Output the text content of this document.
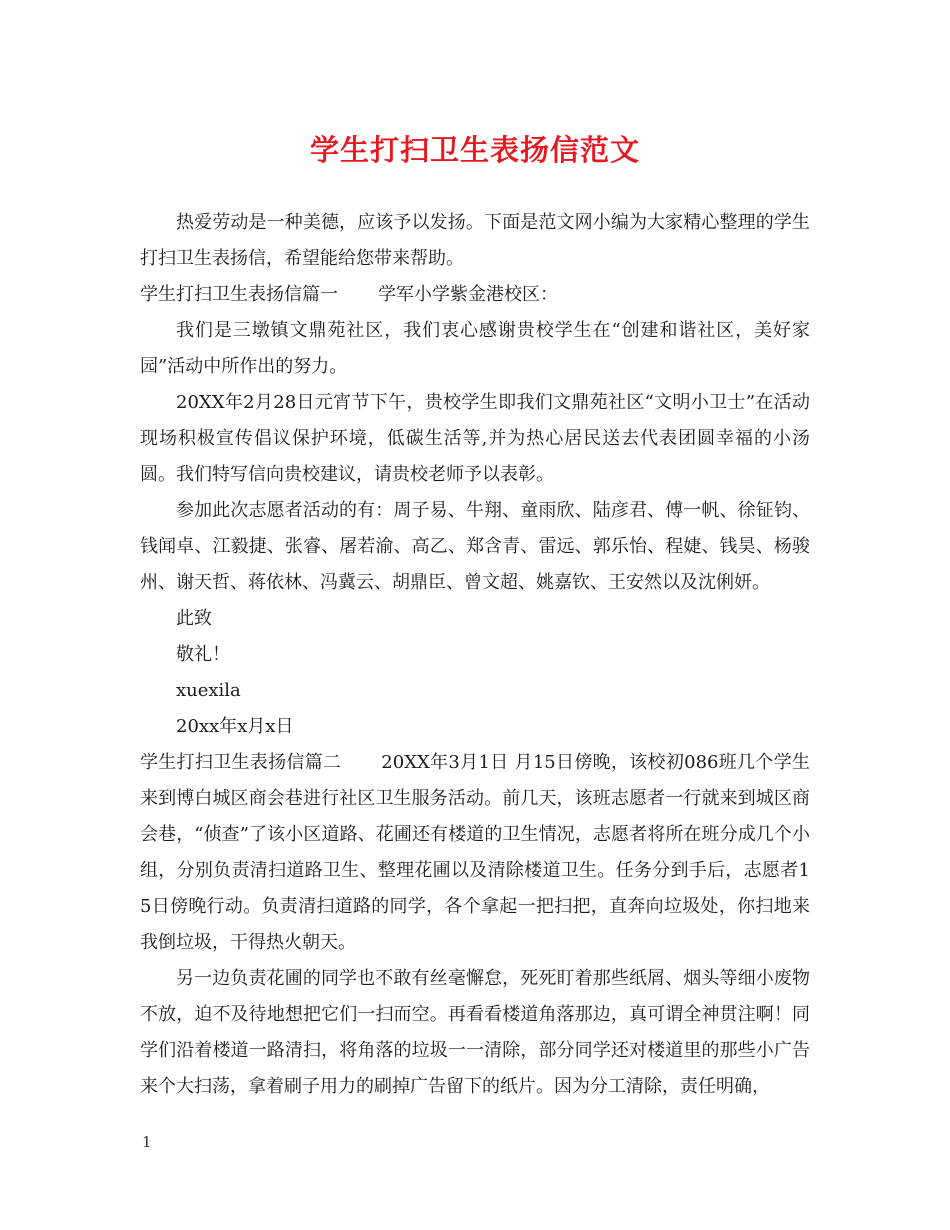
学生打扫卫生表扬信范文

热爱劳动是一种美德，应该予以发扬。下面是范文网小编为大家精心整理的学生打扫卫生表扬信，希望能给您带来帮助。

学生打扫卫生表扬信篇一 学军小学紫金港校区：

我们是三墩镇文鼎苑社区，我们衷心感谢贵校学生在“创建和谐社区，美好家园”活动中所作出的努力。

20XX年2月28日元宵节下午，贵校学生即我们文鼎苑社区“文明小卫士”在活动现场积极宣传倡议保护环境，低碳生活等,并为热心居民送去代表团圆幸福的小汤圆。我们特写信向贵校建议，请贵校老师予以表彰。

参加此次志愿者活动的有：周子易、牛翔、童雨欣、陆彦君、傅一帆、徐钲钧、钱闻卓、江毅捷、张睿、屠若渝、高乙、郑含青、雷远、郭乐怡、程婕、钱昊、杨骏州、谢天哲、蒋依林、冯冀云、胡鼎臣、曾文超、姚嘉钦、王安然以及沈俐妍。

此致

敬礼！

xuexila

20xx年x月x日

学生打扫卫生表扬信篇二 20XX年3月1日 月15日傍晚，该校初086班几个学生来到博白城区商会巷进行社区卫生服务活动。前几天，该班志愿者一行就来到城区商会巷，“侦查”了该小区道路、花圃还有楼道的卫生情况，志愿者将所在班分成几个小组，分别负责清扫道路卫生、整理花圃以及清除楼道卫生。任务分到手后，志愿者15日傍晚行动。负责清扫道路的同学，各个拿起一把扫把，直奔向垃圾处，你扫地来我倒垃圾，干得热火朝天。

另一边负责花圃的同学也不敢有丝毫懈怠，死死盯着那些纸屑、烟头等细小废物不放，迫不及待地想把它们一扫而空。再看看楼道角落那边，真可谓全神贯注啊！同学们沿着楼道一路清扫，将角落的垃圾一一清除，部分同学还对楼道里的那些小广告来个大扫荡，拿着刷子用力的刷掉广告留下的纸片。因为分工清除，责任明确，

1
